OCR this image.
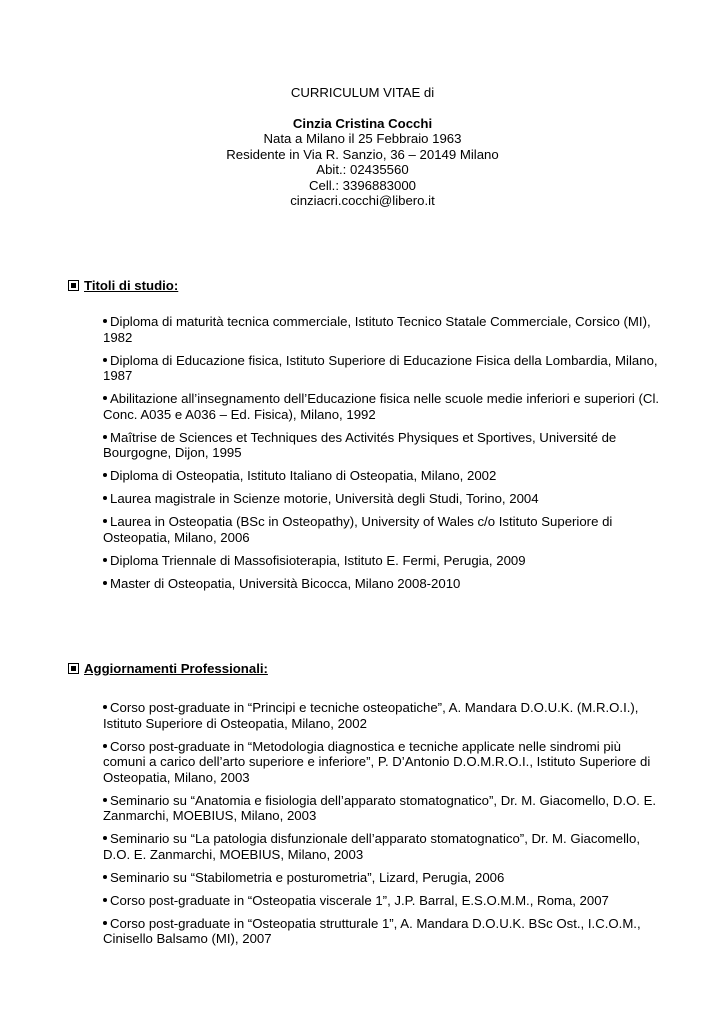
CURRICULUM VITAE di
Cinzia Cristina Cocchi
Nata a Milano il 25 Febbraio 1963
Residente in Via R. Sanzio, 36 – 20149 Milano
Abit.: 02435560
Cell.: 3396883000
cinziacri.cocchi@libero.it
Titoli di studio:
Diploma di maturità tecnica commerciale, Istituto Tecnico Statale Commerciale, Corsico (MI), 1982
Diploma di Educazione fisica, Istituto Superiore di Educazione Fisica della Lombardia, Milano, 1987
Abilitazione all’insegnamento dell’Educazione fisica nelle scuole medie inferiori e superiori (Cl. Conc. A035 e A036 – Ed. Fisica), Milano, 1992
Maîtrise de Sciences et Techniques des Activités Physiques et Sportives, Université de Bourgogne, Dijon, 1995
Diploma di Osteopatia, Istituto Italiano di Osteopatia, Milano, 2002
Laurea magistrale in Scienze motorie, Università degli Studi, Torino, 2004
Laurea in Osteopatia (BSc in Osteopathy), University of Wales c/o Istituto Superiore di Osteopatia, Milano, 2006
Diploma Triennale di Massofisioterapia, Istituto E. Fermi, Perugia, 2009
Master di Osteopatia, Università Bicocca, Milano 2008-2010
Aggiornamenti Professionali:
Corso post-graduate in “Principi e tecniche osteopatiche”, A. Mandara D.O.U.K. (M.R.O.I.), Istituto Superiore di Osteopatia, Milano, 2002
Corso post-graduate in “Metodologia diagnostica e tecniche applicate nelle sindromi più comuni a carico dell’arto superiore e inferiore”, P. D’Antonio D.O.M.R.O.I., Istituto Superiore di Osteopatia, Milano, 2003
Seminario su “Anatomia e fisiologia dell’apparato stomatognatico”, Dr. M. Giacomello, D.O. E. Zanmarchi, MOEBIUS, Milano, 2003
Seminario su “La patologia disfunzionale dell’apparato stomatognatico”, Dr. M. Giacomello, D.O. E. Zanmarchi, MOEBIUS, Milano, 2003
Seminario su “Stabilometria e posturometria”, Lizard, Perugia, 2006
Corso post-graduate in “Osteopatia viscerale 1”, J.P. Barral, E.S.O.M.M., Roma, 2007
Corso post-graduate in “Osteopatia strutturale 1”, A. Mandara D.O.U.K. BSc Ost., I.C.O.M., Cinisello Balsamo (MI), 2007
